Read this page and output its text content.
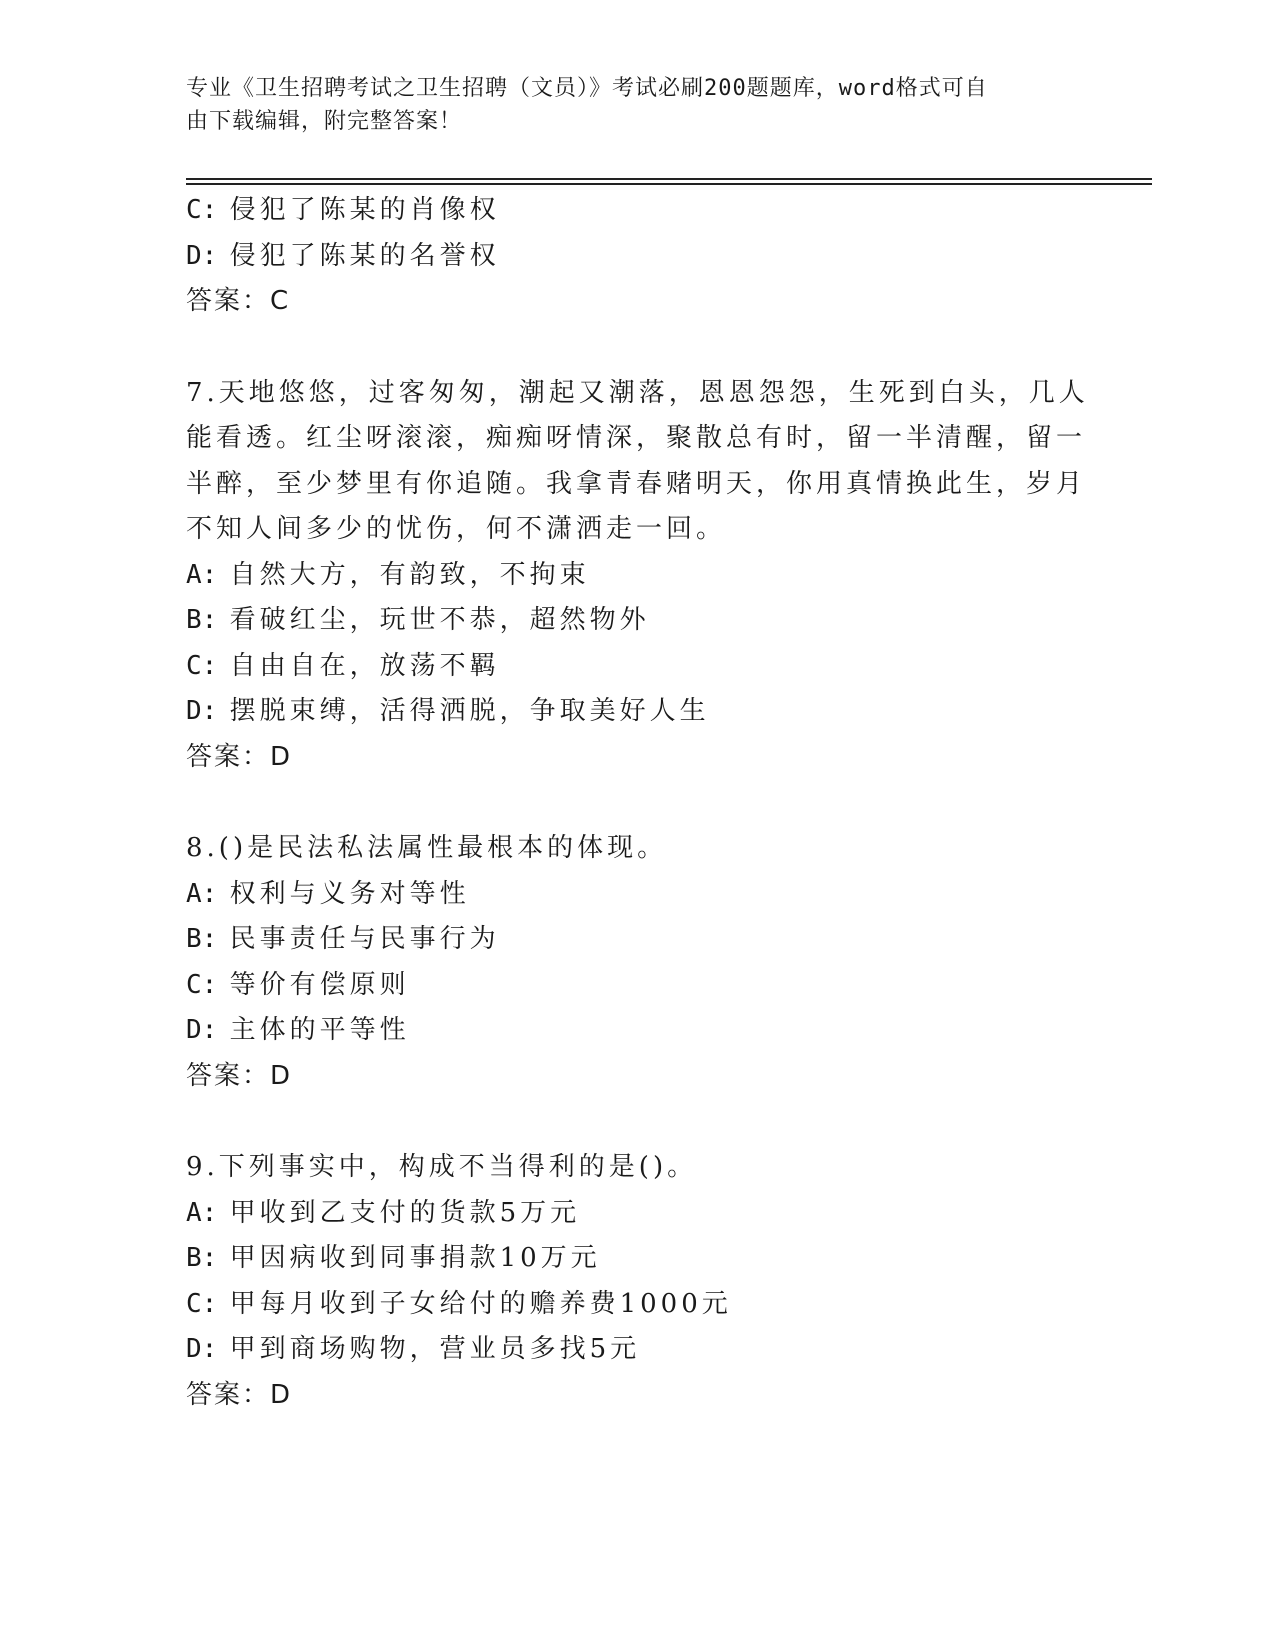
专业《卫生招聘考试之卫生招聘（文员）》考试必刷200题题库，word格式可自
由下载编辑，附完整答案！
C: 侵犯了陈某的肖像权
D: 侵犯了陈某的名誉权
答案：C
7.天地悠悠，过客匆匆，潮起又潮落，恩恩怨怨，生死到白头，几人
能看透。红尘呀滚滚，痴痴呀情深，聚散总有时，留一半清醒，留一
半醉，至少梦里有你追随。我拿青春赌明天，你用真情换此生，岁月
不知人间多少的忧伤，何不潇洒走一回。
A: 自然大方，有韵致，不拘束
B: 看破红尘，玩世不恭，超然物外
C: 自由自在，放荡不羁
D: 摆脱束缚，活得洒脱，争取美好人生
答案：D
8.()是民法私法属性最根本的体现。
A: 权利与义务对等性
B: 民事责任与民事行为
C: 等价有偿原则
D: 主体的平等性
答案：D
9.下列事实中，构成不当得利的是()。
A: 甲收到乙支付的货款5万元
B: 甲因病收到同事捐款10万元
C: 甲每月收到子女给付的赡养费1000元
D: 甲到商场购物，营业员多找5元
答案：D
